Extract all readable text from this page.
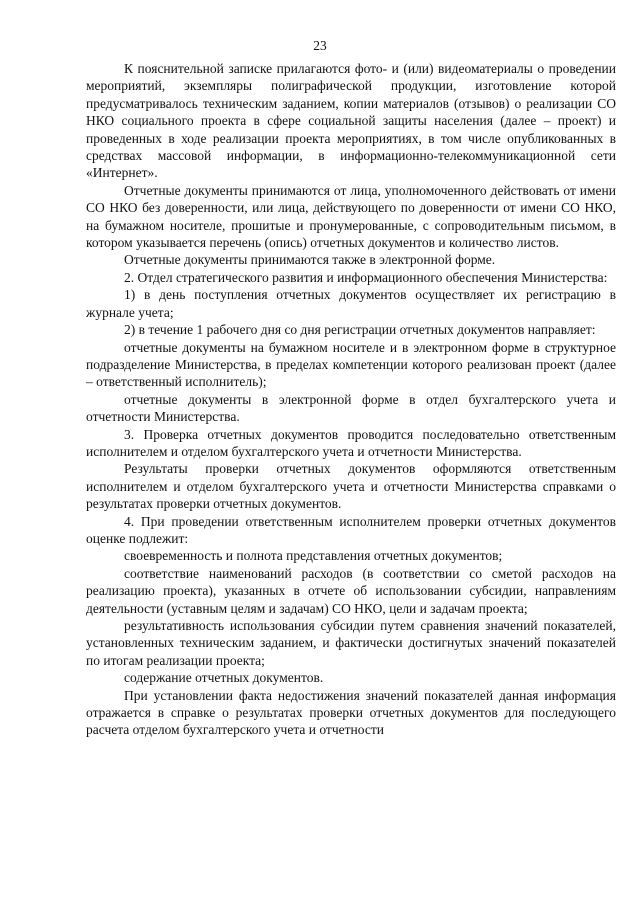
23

К пояснительной записке прилагаются фото- и (или) видеоматериалы о проведении мероприятий, экземпляры полиграфической продукции, изготовление которой предусматривалось техническим заданием, копии материалов (отзывов) о реализации СО НКО социального проекта в сфере социальной защиты населения (далее – проект) и проведенных в ходе реализации проекта мероприятиях, в том числе опубликованных в средствах массовой информации, в информационно-телекоммуникационной сети «Интернет».

Отчетные документы принимаются от лица, уполномоченного действовать от имени СО НКО без доверенности, или лица, действующего по доверенности от имени СО НКО, на бумажном носителе, прошитые и пронумерованные, с сопроводительным письмом, в котором указывается перечень (опись) отчетных документов и количество листов.

Отчетные документы принимаются также в электронной форме.

2. Отдел стратегического развития и информационного обеспечения Министерства:

1) в день поступления отчетных документов осуществляет их регистрацию в журнале учета;

2) в течение 1 рабочего дня со дня регистрации отчетных документов направляет:

отчетные документы на бумажном носителе и в электронном форме в структурное подразделение Министерства, в пределах компетенции которого реализован проект (далее – ответственный исполнитель);

отчетные документы в электронной форме в отдел бухгалтерского учета и отчетности Министерства.

3. Проверка отчетных документов проводится последовательно ответственным исполнителем и отделом бухгалтерского учета и отчетности Министерства.

Результаты проверки отчетных документов оформляются ответственным исполнителем и отделом бухгалтерского учета и отчетности Министерства справками о результатах проверки отчетных документов.

4. При проведении ответственным исполнителем проверки отчетных документов оценке подлежит:

своевременность и полнота представления отчетных документов;

соответствие наименований расходов (в соответствии со сметой расходов на реализацию проекта), указанных в отчете об использовании субсидии, направлениям деятельности (уставным целям и задачам) СО НКО, цели и задачам проекта;

результативность использования субсидии путем сравнения значений показателей, установленных техническим заданием, и фактически достигнутых значений показателей по итогам реализации проекта;

содержание отчетных документов.

При установлении факта недостижения значений показателей данная информация отражается в справке о результатах проверки отчетных документов для последующего расчета отделом бухгалтерского учета и отчетности
